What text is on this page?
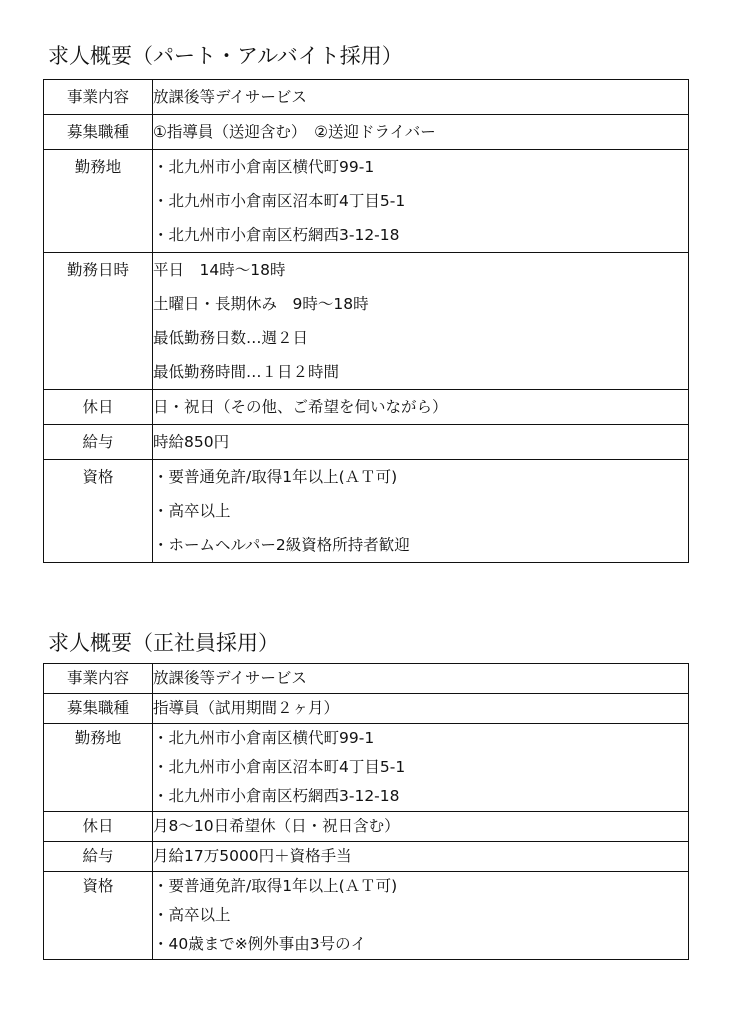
求人概要（パート・アルバイト採用）
事業内容	放課後等デイサービス

募集職種	①指導員（送迎含む）　②送迎ドライバー

勤務地	・北九州市小倉南区横代町99-1
・北九州市小倉南区沼本町4丁目5-1
・北九州市小倉南区朽網西3-12-18

勤務日時	平日　14時～18時
土曜日・長期休み　9時～18時
最低勤務日数…週２日
最低勤務時間…１日２時間

休日	日・祝日（その他、ご希望を伺いながら）

給与	時給850円

資格	・要普通免許/取得1年以上(ＡＴ可)
・高卒以上
・ホームヘルパー2級資格所持者歓迎
求人概要（正社員採用）
事業内容	放課後等デイサービス

募集職種	指導員（試用期間２ヶ月）

勤務地	・北九州市小倉南区横代町99-1
・北九州市小倉南区沼本町4丁目5-1
・北九州市小倉南区朽網西3-12-18

休日	月8～10日希望休（日・祝日含む）

給与	月給17万5000円＋資格手当

資格	・要普通免許/取得1年以上(ＡＴ可)
・高卒以上
・40歳まで※例外事由3号のイ
